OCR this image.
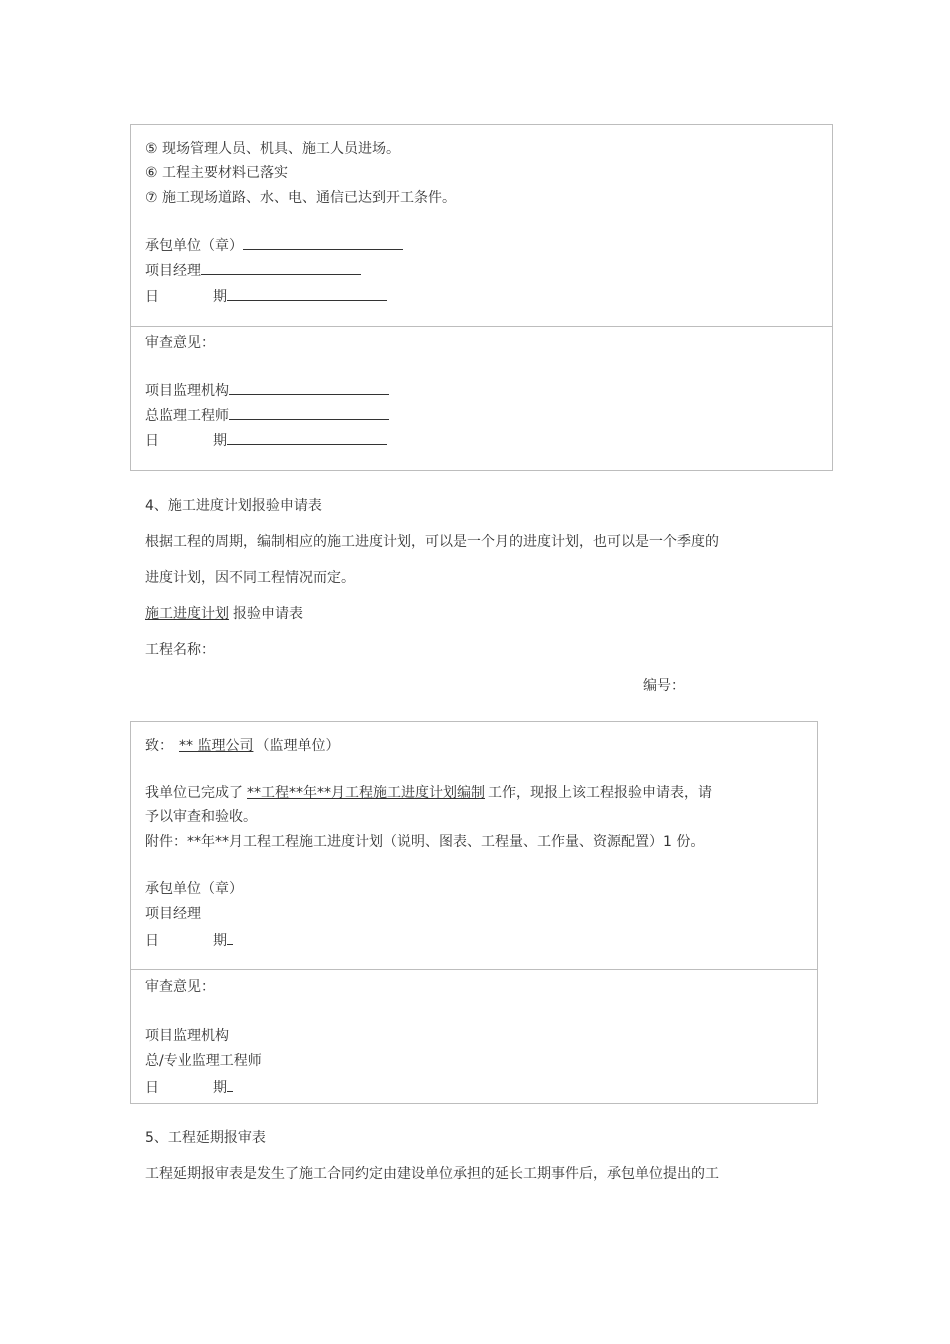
⑤ 现场管理人员、机具、施工人员进场。
⑥ 工程主要材料已落实
⑦ 施工现场道路、水、电、通信已达到开工条件。
承包单位（章）
项目经理
日	期
审查意见：
项目监理机构
总监理工程师
日	期
4、施工进度计划报验申请表
根据工程的周期，编制相应的施工进度计划，可以是一个月的进度计划，也可以是一个季度的
进度计划，因不同工程情况而定。
施工进度计划 报验申请表
工程名称：
编号：
致： ** 监理公司 （监理单位）
我单位已完成了 **工程**年**月工程施工进度计划编制 工作，现报上该工程报验申请表，请
予以审查和验收。
附件：**年**月工程工程施工进度计划（说明、图表、工程量、工作量、资源配置）1 份。
承包单位（章）
项目经理
日	期
审查意见：
项目监理机构
总/专业监理工程师
日	期
5、工程延期报审表
工程延期报审表是发生了施工合同约定由建设单位承担的延长工期事件后，承包单位提出的工
